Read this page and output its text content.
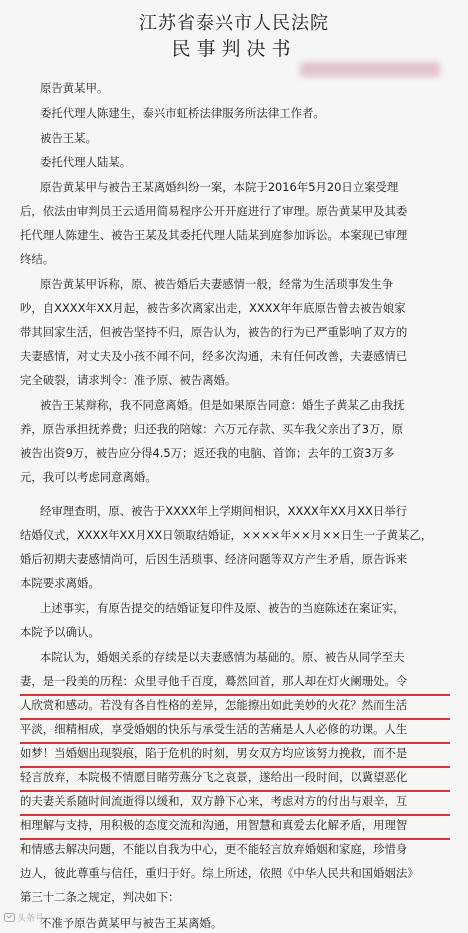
江苏省泰兴市人民法院
民事判决书
原告黄某甲。
委托代理人陈建生，泰兴市虹桥法律服务所法律工作者。
被告王某。
委托代理人陆某。
原告黄某甲与被告王某离婚纠纷一案，本院于2016年5月20日立案受理
后，依法由审判员王云适用简易程序公开开庭进行了审理。原告黄某甲及其委
托代理人陈建生、被告王某及其委托代理人陆某到庭参加诉讼。本案现已审理
终结。
原告黄某甲诉称，原、被告婚后夫妻感情一般，经常为生活琐事发生争
吵，自XXXX年XX月起，被告多次离家出走，XXXX年年底原告曾去被告娘家
带其回家生活，但被告坚持不归，原告认为，被告的行为已严重影响了双方的
夫妻感情，对丈夫及小孩不闻不问，经多次沟通，未有任何改善，夫妻感情已
完全破裂，请求判令：准予原、被告离婚。
被告王某辩称，我不同意离婚。但是如果原告同意：婚生子黄某乙由我抚
养，原告承担抚养费；归还我的陪嫁：六万元存款、买车我父亲出了3万，原
被告出资9万，被告应分得4.5万；返还我的电脑、首饰；去年的工资3万多
元，我可以考虑同意离婚。
经审理查明，原、被告于XXXX年上学期间相识，XXXX年XX月XX日举行
结婚仪式，XXXX年XX月XX日领取结婚证，××××年××月××日生一子黄某乙，
婚后初期夫妻感情尚可，后因生活琐事、经济问题等双方产生矛盾，原告诉来
本院要求离婚。
上述事实，有原告提交的结婚证复印件及原、被告的当庭陈述在案证实，
本院予以确认。
本院认为，婚姻关系的存续是以夫妻感情为基础的。原、被告从同学至夫
妻，是一段美的历程：众里寻他千百度，蓦然回首，那人却在灯火阑珊处。令
人欣赏和感动。若没有各自性格的差异，怎能擦出如此美妙的火花？然而生活
平淡，细精相成，享受婚姻的快乐与承受生活的苦痛是人人必修的功课。人生
如梦！当婚姻出现裂痕，陷于危机的时刻，男女双方均应该努力挽救，而不是
轻言放弃，本院极不情愿目睹劳燕分飞之哀景，遂给出一段时间，以冀望恶化
的夫妻关系随时间流逝得以缓和，双方静下心来，考虑对方的付出与艰辛，互
相理解与支持，用积极的态度交流和沟通，用智慧和真爱去化解矛盾，用理智
和情感去解决问题，不能以自我为中心，更不能轻言放弃婚姻和家庭，珍惜身
边人，彼此尊重与信任，重归于好。综上所述，依照《中华人民共和国婚姻法》
第三十二条之规定，判决如下：
不准予原告黄某甲与被告王某离婚。
头条号
